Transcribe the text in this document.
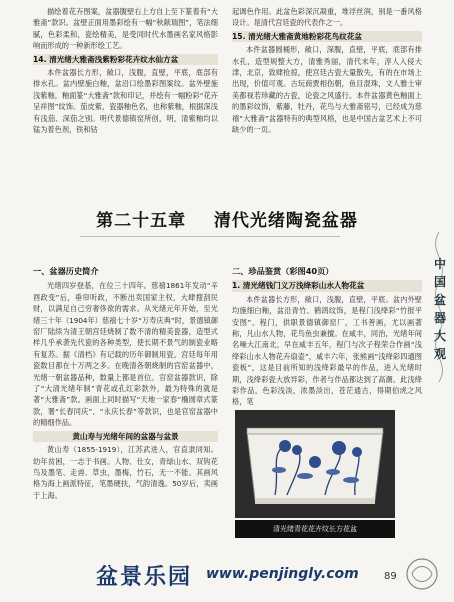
描绘着花卉图案，盆器腹壁右上方自上至下篆着有“大雅斋”款识。盆壁正面用墨彩绘有一幅“秋献瑞图”，笔法细腻，色彩柔和，瓷绘精美，是受同时代水墨画名家风格影响而形成的一种新形绘工艺。

14. 清光绪大雅斋浅紫粉彩花卉纹水仙方盆

本件盆器长方形，敞口，浅腹，直壁，平底，底部有排水孔。盆内壁施白釉，盆沿口绘墨彩图案纹。盆外壁施浅紫釉，釉面篆“大雅斋”款和印记，并绘有一幅粉彩“花卉呈祥图”纹饰。茄皮紫，瓷器釉色名，也称紫釉，根据深浅有浅茄、深茄之别。明代景德镇窑所创，明，清紫釉均以锰为着色剂，铁和钴

起调色作用。此盆色彩深沉凝重，堆浮丝润，别是一番风格设计。是清代宫廷瓷的代表作之一。

15. 清光绪大雅斋黄地粉彩花鸟纹花盆

本件盆器圆桶形，敞口，深腹，直壁，平底，底部有排水孔，造型规整大方，清雅秀丽，清代末年，淳人入侵大津，北京，致肆抢掠，使宫廷古瓷大量散失，有的在市场上出现，价值可观。古玩商贾相伤朝，鱼目混珠，文人雅士审美都视若珍藏的古瓷，论瓷之风盛行。本件盆器黄色釉面上的墨彩纹饰，紫藤，牡丹，花鸟与大雅斋铭号，已经成为慈禧“大雅斋”盆器特有的典型风格，也是中国古盆艺术上不可缺少的一页。

第二十五章 清代光绪陶瓷盆器
一、盆器历史简介

光绪四岁登基，在位三十四年。慈禧1861年发动“辛酉政变”后，垂帘听政，不断出卖国家主权，大肆搜刮民财，以满足自己穷奢侈欲的需求。从光绪元年开始，至光绪三十年（1904年）慈禧七十岁“万寿庆典”时，景德镇御窑厂陆续为清王朝宫廷烧制了数不清的精美瓷器，造型式样几乎承袭先代瓷的各种类型，使长期不景气的制瓷业略有复苏。据《清档》有记载的历年御制用瓷，宫廷每年用瓷数目都在十万两之多。在晚清各朝烧制的宫窑盆器中，光绪一朝盆器品种，数量上都是首位。官窑盆器款识，除了“大清光绪年制”青花或孔红彩款外，最为特殊的就是著“大雅斋”款。画面上同时描写“天地一家春”椭圆章式篆款，署“长春同庆”、“永庆长春”等款识，也是官窑盆器中的精细作品。

黄山寿与光绪年间的盆器与盆景

黄山寿（1855-1919），江苏武进人，官直隶同知。幼年贫困，一志于书画。人物、仕女，青绿山水、双钩花鸟及墨笔、走兽、草虫，墨梅，竹石，无一不能。其画风格为海上画派特征，笔墨硬扶，气韵清逸。50岁后，卖画于上海。

二、珍品鉴赏（彩图40页）
1. 清光绪钱门义万浅绛彩山水人物花盆

本件盆器长方形，敞口，浅腹，直壁，平底。盆内外壁均施细白釉，盆沿青竹、鹤鸽纹饰，是程门浅绛彩“竹报平安图”。程门，供职景德镇御窑厂，工书善画，尤以画著称，凡山水人物，花鸟鱼虫兼擅。在咸丰，同治，光绪年间名噪大江南北，早在咸丰五年，程门与次子程荣合作画“浅绛彩山水人物花卉扇壶”，咸丰六年，张熊画“浅绛彩四通图瓷板”，这是目前所知的浅绛彩最早的作品，进入光绪时期，浅绛彩瓷大放异彩，作者与作品都达到了高潮。此浅绛彩作品，色彩浅淡，浓墨淡出，苍茫通古，得期伯虎之风格，笔

中
国
盆
器
大
观
清光绪青花花卉纹长方花盆
盆景乐园 www.penjingly.com	89
